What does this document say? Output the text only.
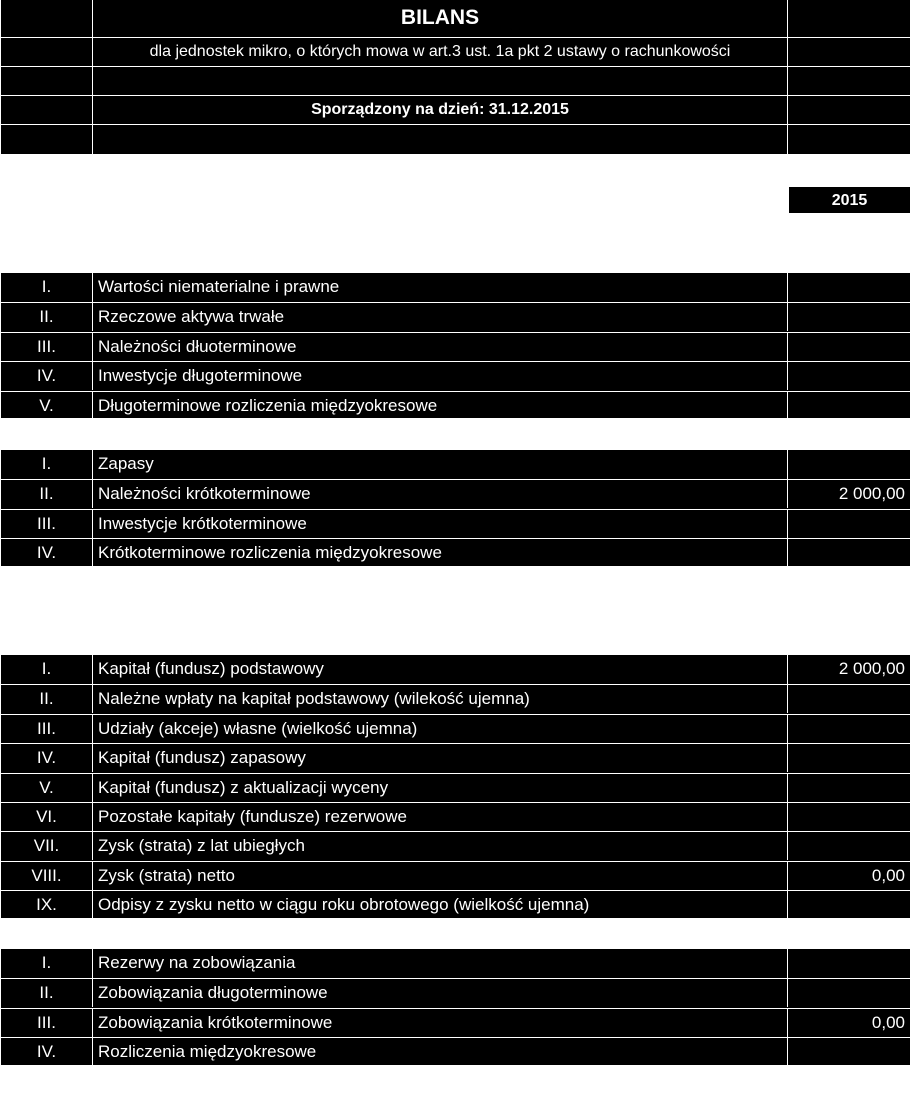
BILANS
dla jednostek mikro, o których mowa w art.3 ust. 1a pkt 2 ustawy o rachunkowości
Sporządzony na dzień: 31.12.2015
2015
I.	Wartości niematerialne i prawne
II.	Rzeczowe aktywa trwałe
III.	Należności dłuoterminowe
IV.	Inwestycje długoterminowe
V.	Długoterminowe rozliczenia międzyokresowe
I.	Zapasy
II.	Należności krótkoterminowe	2 000,00
III.	Inwestycje krótkoterminowe
IV.	Krótkoterminowe rozliczenia międzyokresowe
I.	Kapitał (fundusz) podstawowy	2 000,00
II.	Należne wpłaty na kapitał podstawowy (wilekość ujemna)
III.	Udziały (akceje) własne (wielkość ujemna)
IV.	Kapitał (fundusz) zapasowy
V.	Kapitał (fundusz) z aktualizacji wyceny
VI.	Pozostałe kapitały (fundusze) rezerwowe
VII.	Zysk (strata) z lat ubiegłych
VIII.	Zysk (strata) netto	0,00
IX.	Odpisy z zysku netto w ciągu roku obrotowego (wielkość ujemna)
I.	Rezerwy na zobowiązania
II.	Zobowiązania długoterminowe
III.	Zobowiązania krótkoterminowe	0,00
IV.	Rozliczenia międzyokresowe
